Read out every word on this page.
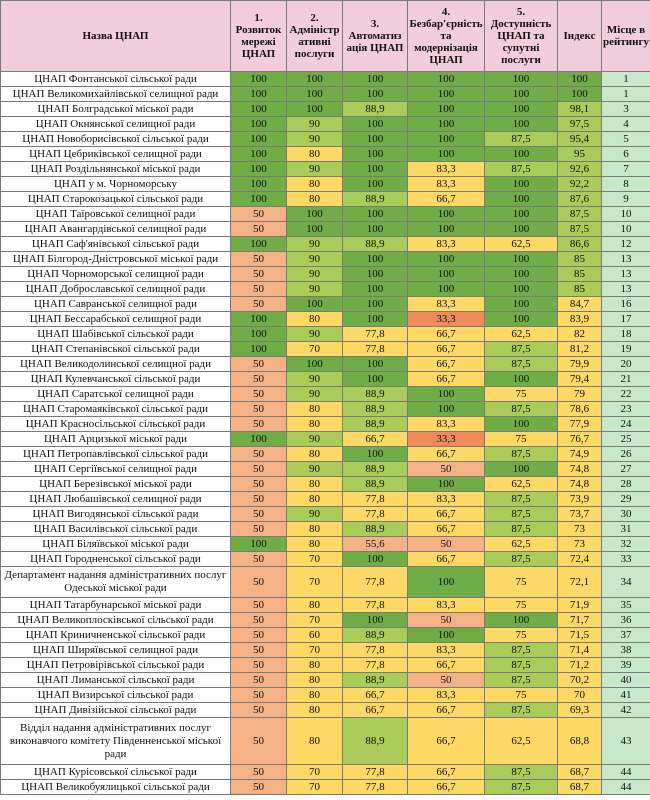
Назва ЦНАП	1. Розвиток мережі ЦНАП	2. Адміністр ативні послуги	3. Автоматиз ація ЦНАП	4. Безбар'єрність та модернізація ЦНАП	5. Доступність ЦНАП та супутні послуги	Індекс	Місце в рейтингу
ЦНАП Фонтанської сільської ради	100	100	100	100	100	100	1
ЦНАП Великомихайлівської селищної ради	100	100	100	100	100	100	1
ЦНАП Болградської міської ради	100	100	88,9	100	100	98,1	3
ЦНАП Окнянської селищної ради	100	90	100	100	100	97,5	4
ЦНАП Новоборисівської сільської ради	100	90	100	100	87,5	95,4	5
ЦНАП Цебриківської селищної ради	100	80	100	100	100	95	6
ЦНАП Роздільнянської міської ради	100	90	100	83,3	87,5	92,6	7
ЦНАП у м. Чорноморську	100	80	100	83,3	100	92,2	8
ЦНАП Старокозацької сільської ради	100	80	88,9	66,7	100	87,6	9
ЦНАП Таїровської селищної ради	50	100	100	100	100	87,5	10
ЦНАП Авангардівської селищної ради	50	100	100	100	100	87,5	10
ЦНАП Саф'янівської сільської ради	100	90	88,9	83,3	62,5	86,6	12
ЦНАП Білгород-Дністровської міської ради	50	90	100	100	100	85	13
ЦНАП Чорноморської селищної ради	50	90	100	100	100	85	13
ЦНАП Доброславської селищної ради	50	90	100	100	100	85	13
ЦНАП Савранської селищної ради	50	100	100	83,3	100	84,7	16
ЦНАП Бессарабської селищної ради	100	80	100	33,3	100	83,9	17
ЦНАП Шабівської сільської ради	100	90	77,8	66,7	62,5	82	18
ЦНАП Степанівської сільської ради	100	70	77,8	66,7	87,5	81,2	19
ЦНАП Великодолинської селищної ради	50	100	100	66,7	87,5	79,9	20
ЦНАП Кулевчанської сільської ради	50	90	100	66,7	100	79,4	21
ЦНАП Саратської селищної ради	50	90	88,9	100	75	79	22
ЦНАП Старомаяківської сільської ради	50	80	88,9	100	87,5	78,6	23
ЦНАП Красносільської сільської ради	50	80	88,9	83,3	100	77,9	24
ЦНАП Арцизької міської ради	100	90	66,7	33,3	75	76,7	25
ЦНАП Петропавлівської сільської ради	50	80	100	66,7	87,5	74,9	26
ЦНАП Сергіївської селищної ради	50	90	88,9	50	100	74,8	27
ЦНАП Березівської міської ради	50	80	88,9	100	62,5	74,8	28
ЦНАП Любашівської селищної ради	50	80	77,8	83,3	87,5	73,9	29
ЦНАП Вигодянської сільської ради	50	90	77,8	66,7	87,5	73,7	30
ЦНАП Василівської сільської ради	50	80	88,9	66,7	87,5	73	31
ЦНАП Біляївської міської ради	100	80	55,6	50	62,5	73	32
ЦНАП Городненської сільської ради	50	70	100	66,7	87,5	72,4	33
Департамент надання адміністративних послуг Одеської міської ради	50	70	77,8	100	75	72,1	34
ЦНАП Татарбунарської міської ради	50	80	77,8	83,3	75	71,9	35
ЦНАП Великоплосківської сільської ради	50	70	100	50	100	71,7	36
ЦНАП Криничненської сільської ради	50	60	88,9	100	75	71,5	37
ЦНАП Ширяївської селищної ради	50	70	77,8	83,3	87,5	71,4	38
ЦНАП Петровірівської сільської ради	50	80	77,8	66,7	87,5	71,2	39
ЦНАП Лиманської сільської ради	50	80	88,9	50	87,5	70,2	40
ЦНАП Визирської сільської ради	50	80	66,7	83,3	75	70	41
ЦНАП Дивізійської сільської ради	50	80	66,7	66,7	87,5	69,3	42
Відділ надання адміністративних послуг виконавчого комітету Південненської міської ради	50	80	88,9	66,7	62,5	68,8	43
ЦНАП Курісовської сільської ради	50	70	77,8	66,7	87,5	68,7	44
ЦНАП Великобуялицької сільської ради	50	70	77,8	66,7	87,5	68,7	44
